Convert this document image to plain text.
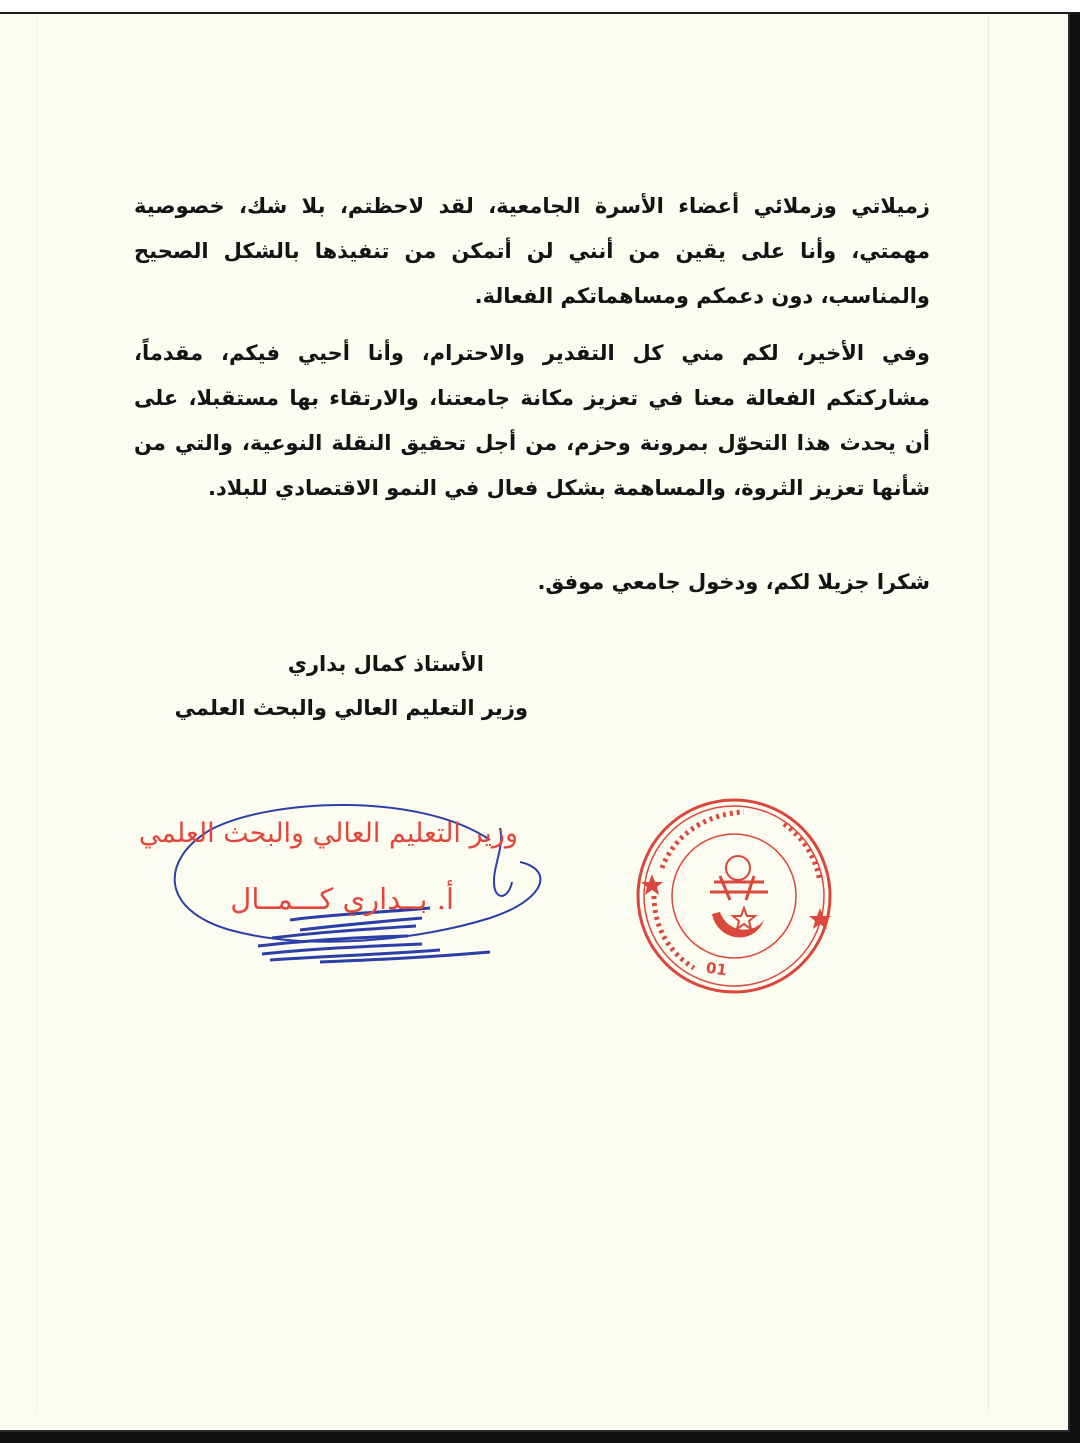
زميلاتي وزملائي أعضاء الأسرة الجامعية، لقد لاحظتم، بلا شك، خصوصية مهمتي، وأنا على يقين من أنني لن أتمكن من تنفيذها بالشكل الصحيح والمناسب، دون دعمكم ومساهماتكم الفعالة.

وفي الأخير، لكم مني كل التقدير والاحترام، وأنا أحيي فيكم، مقدماً، مشاركتكم الفعالة معنا في تعزيز مكانة جامعتنا، والارتقاء بها مستقبلا، على أن يحدث هذا التحوّل بمرونة وحزم، من أجل تحقيق النقلة النوعية، والتي من شأنها تعزيز الثروة، والمساهمة بشكل فعال في النمو الاقتصادي للبلاد.

شكرا جزيلا لكم، ودخول جامعي موفق.

الأستاذ كمال بداري

وزير التعليم العالي والبحث العلمي

وزير التعليم العالي والبحث العلمي
أ. بــداري كـــمــال
01
